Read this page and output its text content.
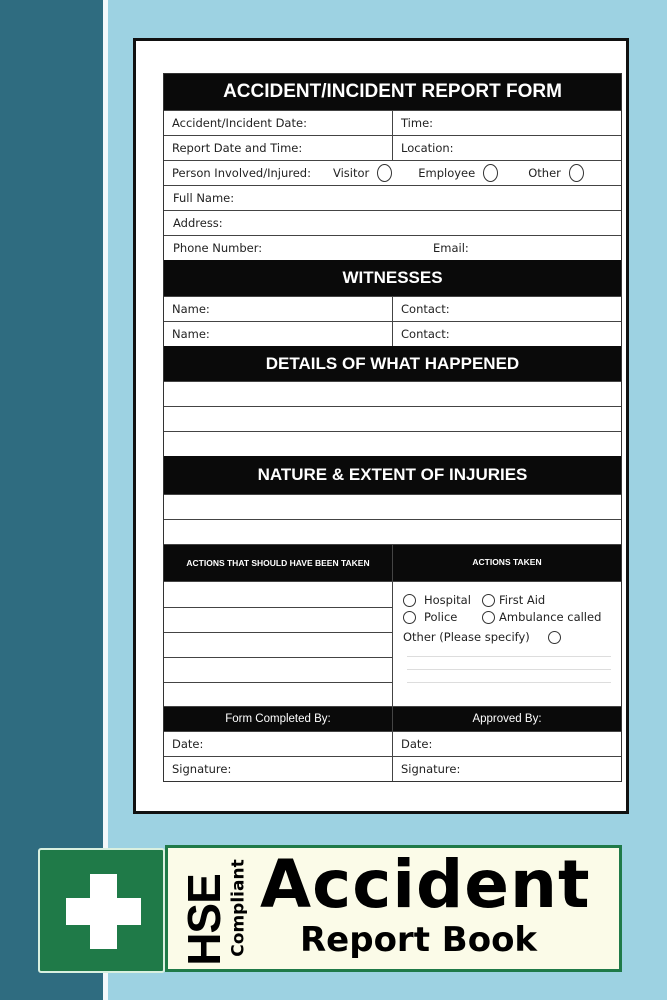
ACCIDENT/INCIDENT REPORT FORM
Accident/Incident Date:	Time:
Report Date and Time:	Location:
Person Involved/Injured: Visitor	Employee	Other
Full Name:
Address:
Phone Number:	Email:
WITNESSES
Name:	Contact:
Name:	Contact:
DETAILS OF WHAT HAPPENED
NATURE & EXTENT OF INJURIES
ACTIONS THAT SHOULD HAVE BEEN TAKEN	ACTIONS TAKEN
Hospital First Aid
Police	Ambulance called
Other (Please specify)
Form Completed By:	Approved By:
Date:	Date:
Signature:	Signature:
HSE
Compliant Accident
Report Book
